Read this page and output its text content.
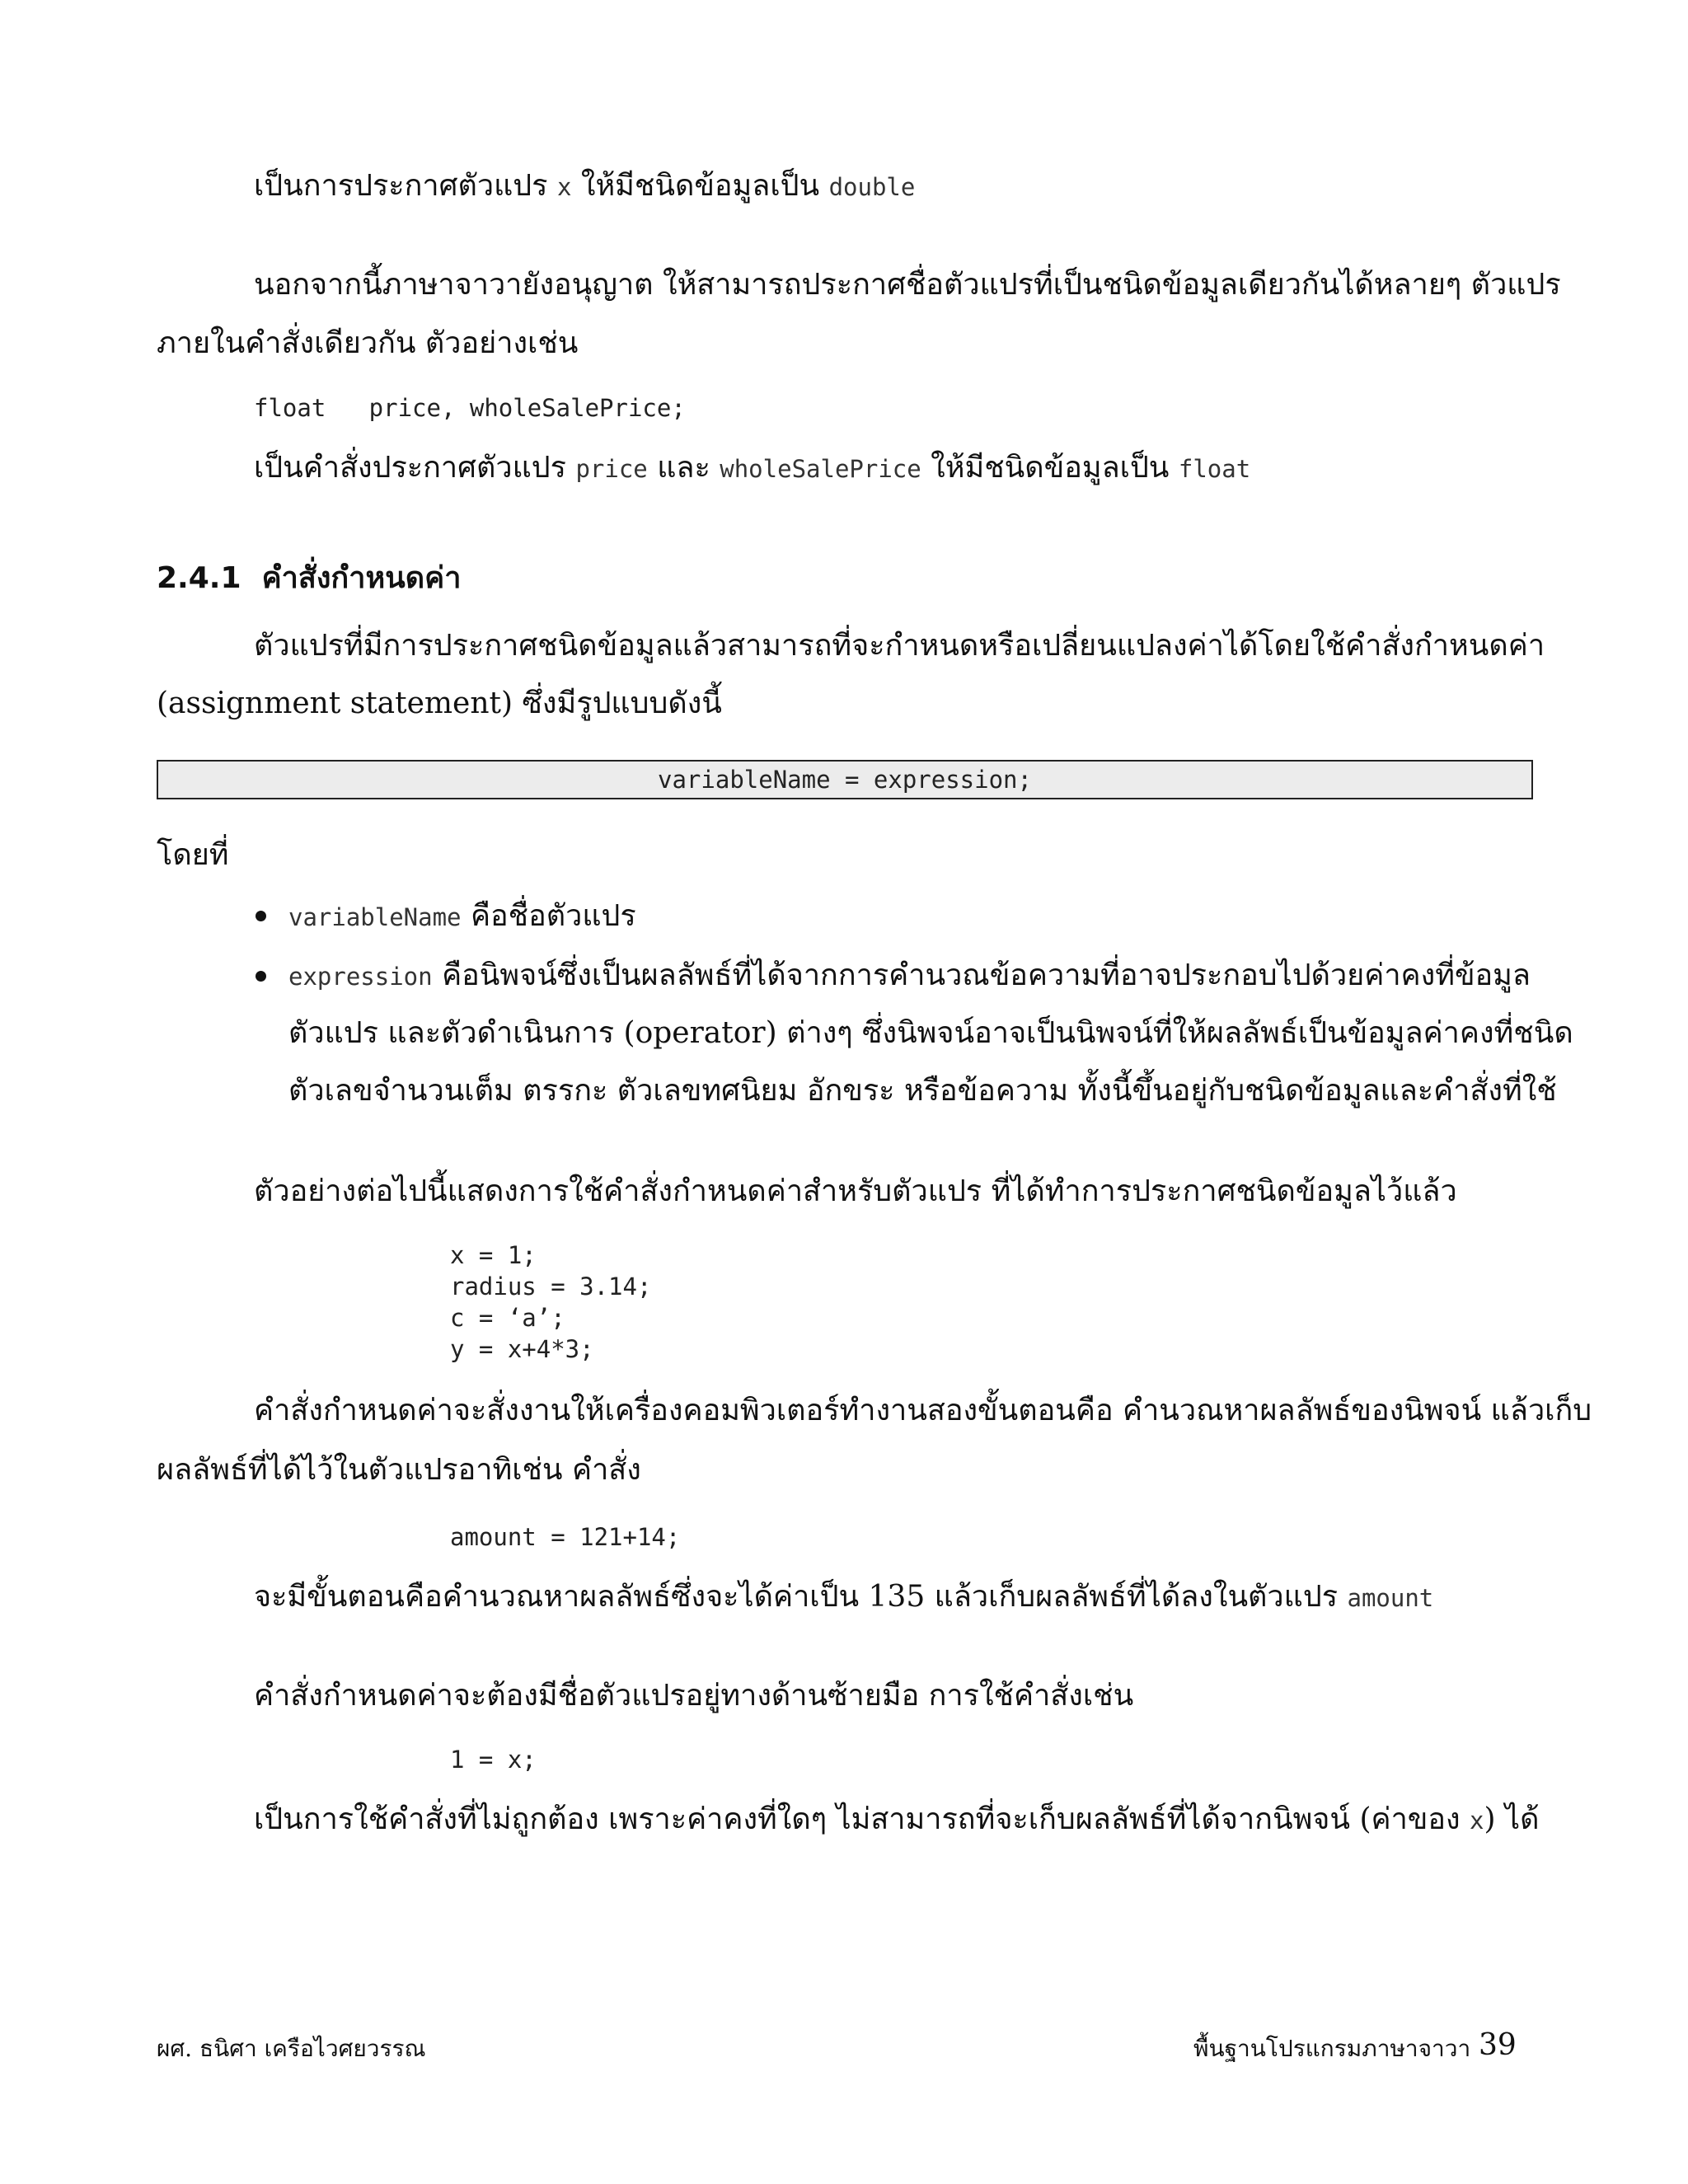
เป็นการประกาศตัวแปร x ให้มีชนิดข้อมูลเป็น double
นอกจากนี้ภาษาจาวายังอนุญาต ให้สามารถประกาศชื่อตัวแปรที่เป็นชนิดข้อมูลเดียวกันได้หลายๆ ตัวแปร
ภายในคำสั่งเดียวกัน ตัวอย่างเช่น
float   price, wholeSalePrice;
เป็นคำสั่งประกาศตัวแปร price และ wholeSalePrice ให้มีชนิดข้อมูลเป็น float
2.4.1 คำสั่งกำหนดค่า
ตัวแปรที่มีการประกาศชนิดข้อมูลแล้วสามารถที่จะกำหนดหรือเปลี่ยนแปลงค่าได้โดยใช้คำสั่งกำหนดค่า
(assignment statement) ซึ่งมีรูปแบบดังนี้
variableName = expression;
โดยที่
variableName คือชื่อตัวแปร
expression คือนิพจน์ซึ่งเป็นผลลัพธ์ที่ได้จากการคำนวณข้อความที่อาจประกอบไปด้วยค่าคงที่ข้อมูล
ตัวแปร และตัวดำเนินการ (operator) ต่างๆ ซึ่งนิพจน์อาจเป็นนิพจน์ที่ให้ผลลัพธ์เป็นข้อมูลค่าคงที่ชนิด
ตัวเลขจำนวนเต็ม ตรรกะ ตัวเลขทศนิยม อักขระ หรือข้อความ ทั้งนี้ขึ้นอยู่กับชนิดข้อมูลและคำสั่งที่ใช้
ตัวอย่างต่อไปนี้แสดงการใช้คำสั่งกำหนดค่าสำหรับตัวแปร ที่ได้ทำการประกาศชนิดข้อมูลไว้แล้ว
x = 1;
radius = 3.14;
c = ‘a’;
y = x+4*3;
คำสั่งกำหนดค่าจะสั่งงานให้เครื่องคอมพิวเตอร์ทำงานสองขั้นตอนคือ คำนวณหาผลลัพธ์ของนิพจน์ แล้วเก็บ
ผลลัพธ์ที่ได้ไว้ในตัวแปรอาทิเช่น คำสั่ง
amount = 121+14;
จะมีขั้นตอนคือคำนวณหาผลลัพธ์ซึ่งจะได้ค่าเป็น 135 แล้วเก็บผลลัพธ์ที่ได้ลงในตัวแปร amount
คำสั่งกำหนดค่าจะต้องมีชื่อตัวแปรอยู่ทางด้านซ้ายมือ การใช้คำสั่งเช่น
1 = x;
เป็นการใช้คำสั่งที่ไม่ถูกต้อง เพราะค่าคงที่ใดๆ ไม่สามารถที่จะเก็บผลลัพธ์ที่ได้จากนิพจน์ (ค่าของ x) ได้
ผศ. ธนิศา เครือไวศยวรรณ	พื้นฐานโปรแกรมภาษาจาวา 39
